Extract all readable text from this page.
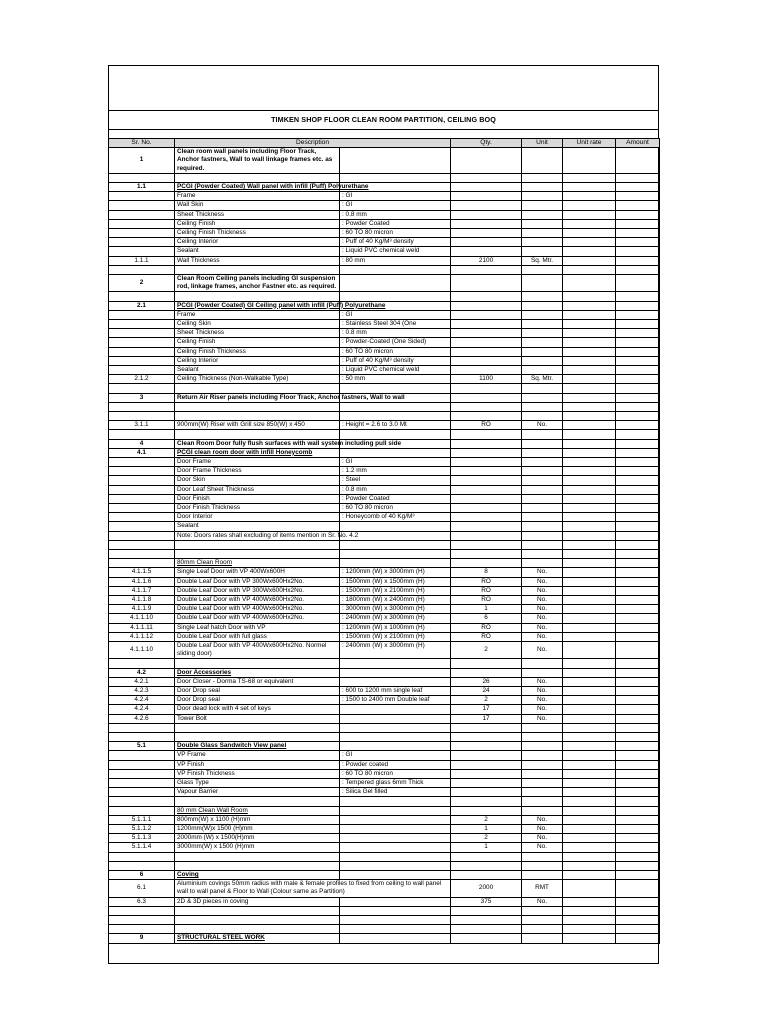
TIMKEN SHOP FLOOR CLEAN ROOM PARTITION, CEILING BOQ
Sr. No.	Description		Qty.	Unit	Unit rate	Amount
1	Clean room wall panels including Floor Track, Anchor fastners, Wall to wall linkage frames etc. as required.					

1.1	PCGI (Powder Coated) Wall panel with infill (Puff) Polyurethane					
	Frame	: GI				
	Wall Skin	: GI				
	Sheet Thickness	: 0.8 mm				
	Ceiling Finish	: Powder Coated				
	Ceiling Finish Thickness	: 60 TO 80 micron				
	Ceiling Interior	: Puff of 40 Kg/M³ density				
	Sealant	: Liquid PVC chemical weld				
1.1.1	Wall Thickness	: 80 mm	2100	Sq. Mtr.		

2	Clean Room Ceiling panels including GI suspension rod, linkage frames, anchor Fastner etc. as required.					

2.1	PCGI (Powder Coated) GI Ceiling panel with infill (Puff) Polyurethane					
	Frame	: GI				
	Ceiling Skin	: Stainless Steel 304 (One				
	Sheet Thickness	: 0.8 mm				
	Ceiling Finish	: Powder-Coated (One Sided)				
	Ceiling Finish Thickness	: 60 TO 80 micron				
	Ceiling Interior	: Puff of 40 Kg/M³ density				
	Sealant	: Liquid PVC chemical weld				
2.1.2	Ceiling Thickness (Non-Walkable Type)	: 50 mm	1100	Sq. Mtr.		

3	Return Air Riser panels including Floor Track, Anchor fastners, Wall to wall					

3.1.1	900mm(W) Riser with Grill size 850(W) x 450	: Height = 2.6 to 3.0 Mt	RO	No.		

4	Clean Room Door fully flush surfaces with wall system including pull side					
4.1	PCGI clean room door with infill Honeycomb					
	Door Frame	: GI				
	Door Frame Thickness	: 1.2 mm				
	Door Skin	: Steel				
	Door Leaf Sheet Thickness	: 0.8 mm				
	Door Finish	: Powder Coated				
	Door Finish Thickness	: 60 TO 80 micron				
	Door Interior	: Honeycomb of 40 Kg/M³				
	Sealant					
	Note: Doors rates shall excluding of items mention in Sr. No. 4.2					

	80mm Clean Room					
4.1.1.5	Single Leaf Door with VP 400Wx600H	: 1200mm (W) x 3000mm (H)	8	No.		
4.1.1.6	Double Leaf Door with VP 300Wx600Hx2No.	: 1500mm (W) x 1500mm (H)	RO	No.		
4.1.1.7	Double Leaf Door with VP 300Wx600Hx2No.	: 1500mm (W) x 2100mm (H)	RO	No.		
4.1.1.8	Double Leaf Door with VP 400Wx600Hx2No.	: 1800mm (W) x 2400mm (H)	RO	No.		
4.1.1.9	Double Leaf Door with VP 400Wx600Hx2No.	: 3000mm (W) x 3000mm (H)	1	No.		
4.1.1.10	Double Leaf Door with VP 400Wx600Hx2No.	: 2400mm (W) x 3000mm (H)	6	No.		
4.1.1.11	Single Leaf hatch Door with VP	: 1200mm (W) x 1000mm (H)	RO	No.		
4.1.1.12	Double Leaf Door with full glass	: 1500mm (W) x 2100mm (H)	RO	No.		
4.1.1.10	Double Leaf Door with VP 400Wx600Hx2No. Normel sliding door)	: 2400mm (W) x 3000mm (H)	2	No.		

4.2	Door Accessories					
4.2.1	Door Closer - Dorma TS-68 or equivalent		26	No.		
4.2.3	Door Drop seal	: 600 to 1200 mm single leaf	24	No.		
4.2.4	Door Drop seal	: 1500 to 2400 mm Double leaf	2	No.		
4.2.4	Door dead lock with 4 set of keys		17	No.		
4.2.6	Tower Bolt		17	No.		

5.1	Double Glass Sandwitch View panel					
	VP Frame	: GI				
	VP Finish	: Powder coated				
	VP Finish Thickness	: 60 TO 80 micron				
	Glass Type	: Tempered glass 6mm Thick				
	Vapour Barrier	: Silica Gel filled				

	80 mm Clean Wall Room					
5.1.1.1	800mm(W) x 1100 (H)mm		2	No.		
5.1.1.2	1200mm(W)x 1500 (H)mm		1	No.		
5.1.1.3	2000mm (W) x 1500(H)mm		2	No.		
5.1.1.4	3000mm(W) x 1500 (H)mm		1	No.		

6	Coving					
6.1	Aluminium covings 50mm radius with male & female profiles to fixed from ceiling to wall panel wall to wall panel & Floor to Wall (Colour same as Partition)		2000	RMT		
6.3	2D & 3D pieces in coving		375	No.		

9	STRUCTURAL STEEL WORK					
